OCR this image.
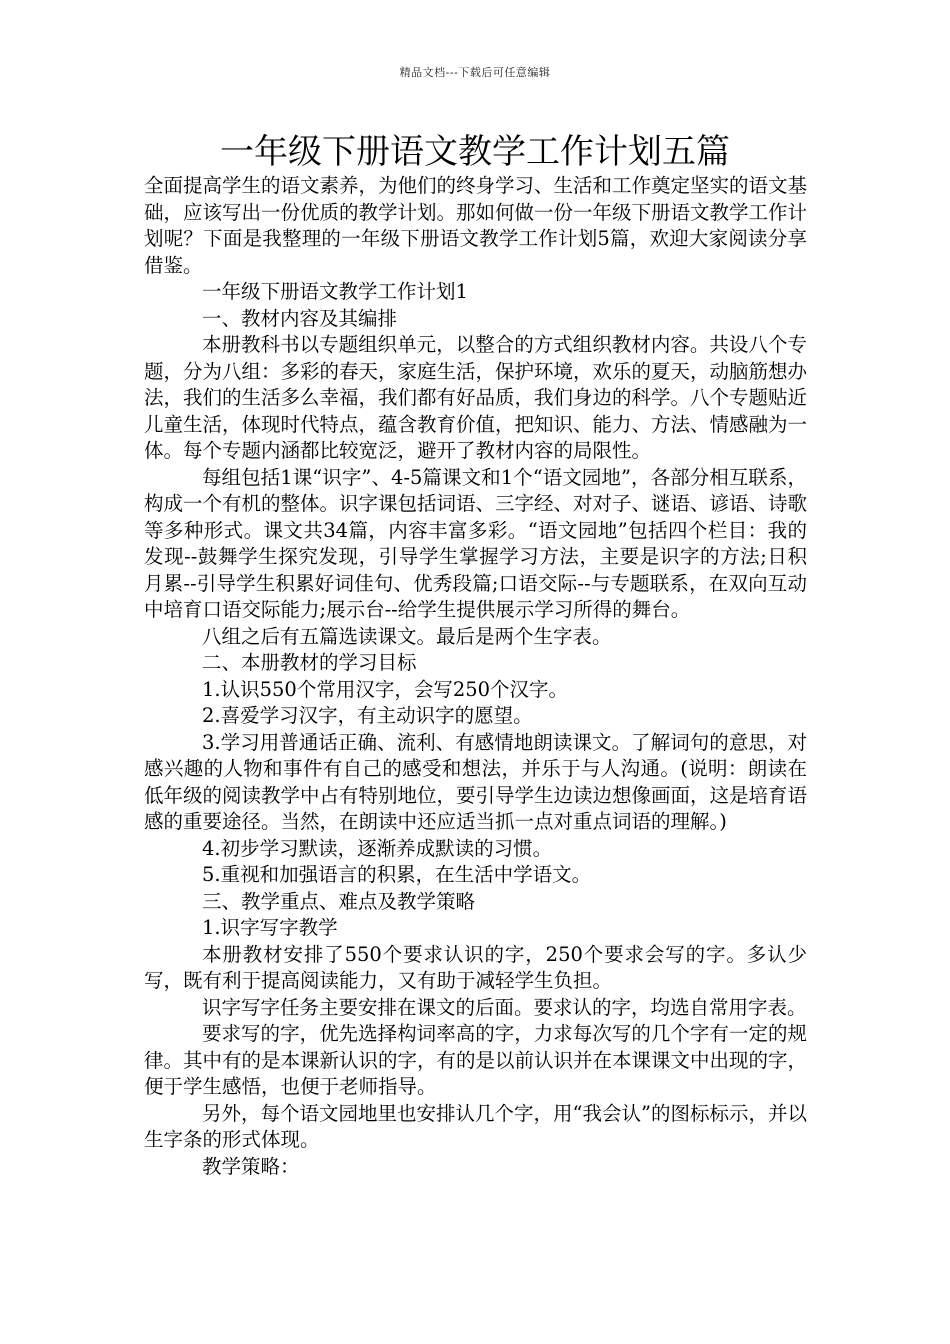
精品文档---下载后可任意编辑
一年级下册语文教学工作计划五篇

全面提高学生的语文素养，为他们的终身学习、生活和工作奠定坚实的语文基础，应该写出一份优质的教学计划。那如何做一份一年级下册语文教学工作计划呢？下面是我整理的一年级下册语文教学工作计划5篇，欢迎大家阅读分享借鉴。

一年级下册语文教学工作计划1

一、教材内容及其编排

本册教科书以专题组织单元，以整合的方式组织教材内容。共设八个专题，分为八组：多彩的春天，家庭生活，保护环境，欢乐的夏天，动脑筋想办法，我们的生活多么幸福，我们都有好品质，我们身边的科学。八个专题贴近儿童生活，体现时代特点，蕴含教育价值，把知识、能力、方法、情感融为一体。每个专题内涵都比较宽泛，避开了教材内容的局限性。

每组包括1课“识字”、4-5篇课文和1个“语文园地”，各部分相互联系，构成一个有机的整体。识字课包括词语、三字经、对对子、谜语、谚语、诗歌等多种形式。课文共34篇，内容丰富多彩。“语文园地”包括四个栏目：我的发现--鼓舞学生探究发现，引导学生掌握学习方法，主要是识字的方法;日积月累--引导学生积累好词佳句、优秀段篇;口语交际--与专题联系，在双向互动中培育口语交际能力;展示台--给学生提供展示学习所得的舞台。

八组之后有五篇选读课文。最后是两个生字表。

二、本册教材的学习目标

1.认识550个常用汉字，会写250个汉字。

2.喜爱学习汉字，有主动识字的愿望。

3.学习用普通话正确、流利、有感情地朗读课文。了解词句的意思，对感兴趣的人物和事件有自己的感受和想法，并乐于与人沟通。(说明：朗读在低年级的阅读教学中占有特别地位，要引导学生边读边想像画面，这是培育语感的重要途径。当然，在朗读中还应适当抓一点对重点词语的理解。)

4.初步学习默读，逐渐养成默读的习惯。

5.重视和加强语言的积累，在生活中学语文。

三、教学重点、难点及教学策略

1.识字写字教学

本册教材安排了550个要求认识的字，250个要求会写的字。多认少写，既有利于提高阅读能力，又有助于减轻学生负担。

识字写字任务主要安排在课文的后面。要求认的字，均选自常用字表。

要求写的字，优先选择构词率高的字，力求每次写的几个字有一定的规律。其中有的是本课新认识的字，有的是以前认识并在本课课文中出现的字，便于学生感悟，也便于老师指导。

另外，每个语文园地里也安排认几个字，用“我会认”的图标标示，并以生字条的形式体现。

教学策略：
